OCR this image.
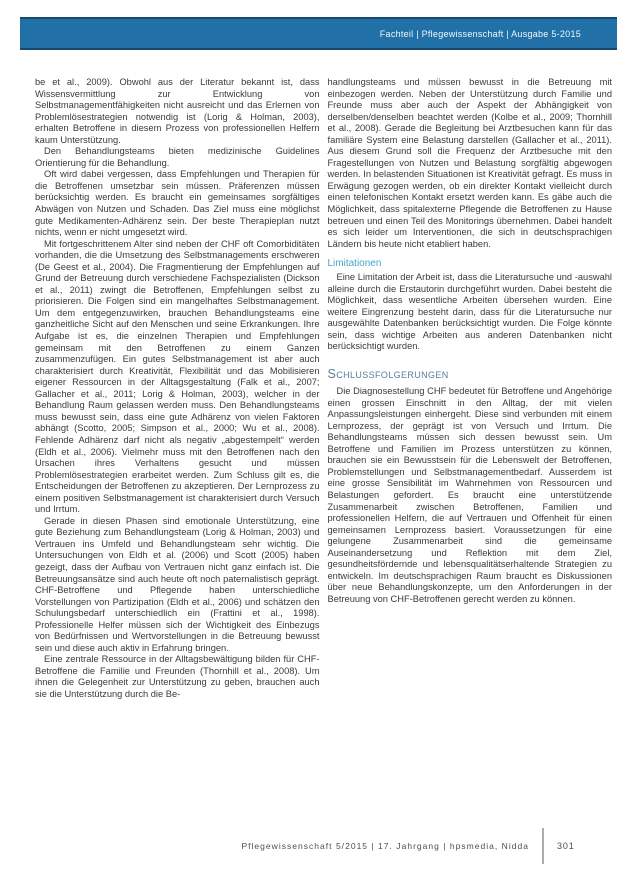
Fachteil | Pflegewissenschaft | Ausgabe 5-2015

be et al., 2009). Obwohl aus der Literatur bekannt ist, dass Wissensvermittlung zur Entwicklung von Selbstmanagementfähigkeiten nicht ausreicht und das Erlernen von Problemlösestrategien notwendig ist (Lorig & Holman, 2003), erhalten Betroffene in diesem Prozess von professionellen Helfern kaum Unterstützung.

Den Behandlungsteams bieten medizinische Guidelines Orientierung für die Behandlung.

Oft wird dabei vergessen, dass Empfehlungen und Therapien für die Betroffenen umsetzbar sein müssen. Präferenzen müssen berücksichtig werden. Es braucht ein gemeinsames sorgfältiges Abwägen von Nutzen und Schaden. Das Ziel muss eine möglichst gute Medikamenten-Adhärenz sein. Der beste Therapieplan nutzt nichts, wenn er nicht umgesetzt wird.

Mit fortgeschrittenem Alter sind neben der CHF oft Comorbiditäten vorhanden, die die Umsetzung des Selbstmanagements erschweren (De Geest et al., 2004). Die Fragmentierung der Empfehlungen auf Grund der Betreuung durch verschiedene Fachspezialisten (Dickson et al., 2011) zwingt die Betroffenen, Empfehlungen selbst zu priorisieren. Die Folgen sind ein mangelhaftes Selbstmanagement. Um dem entgegenzuwirken, brauchen Behandlungsteams eine ganzheitliche Sicht auf den Menschen und seine Erkrankungen. Ihre Aufgabe ist es, die einzelnen Therapien und Empfehlungen gemeinsam mit den Betroffenen zu einem Ganzen zusammenzufügen. Ein gutes Selbstmanagement ist aber auch charakterisiert durch Kreativität, Flexibilität und das Mobilisieren eigener Ressourcen in der Alltagsgestaltung (Falk et al., 2007; Gallacher et al., 2011; Lorig & Holman, 2003), welcher in der Behandlung Raum gelassen werden muss. Den Behandlungsteams muss bewusst sein, dass eine gute Adhärenz von vielen Faktoren abhängt (Scotto, 2005; Simpson et al., 2000; Wu et al., 2008). Fehlende Adhärenz darf nicht als negativ „abgestempelt“ werden (Eldh et al., 2006). Vielmehr muss mit den Betroffenen nach den Ursachen ihres Verhaltens gesucht und müssen Problemlösestrategien erarbeitet werden. Zum Schluss gilt es, die Entscheidungen der Betroffenen zu akzeptieren. Der Lernprozess zu einem positiven Selbstmanagement ist charakterisiert durch Versuch und Irrtum.

Gerade in diesen Phasen sind emotionale Unterstützung, eine gute Beziehung zum Behandlungsteam (Lorig & Holman, 2003) und Vertrauen ins Umfeld und Behandlungsteam sehr wichtig. Die Untersuchungen von Eldh et al. (2006) und Scott (2005) haben gezeigt, dass der Aufbau von Vertrauen nicht ganz einfach ist. Die Betreuungsansätze sind auch heute oft noch paternalistisch geprägt. CHF-Betroffene und Pflegende haben unterschiedliche Vorstellungen von Partizipation (Eldh et al., 2006) und schätzen den Schulungsbedarf unterschiedlich ein (Frattini et al., 1998). Professionelle Helfer müssen sich der Wichtigkeit des Einbezugs von Bedürfnissen und Wertvorstellungen in die Betreuung bewusst sein und diese auch aktiv in Erfahrung bringen.

Eine zentrale Ressource in der Alltagsbewältigung bilden für CHF-Betroffene die Familie und Freunden (Thornhill et al., 2008). Um ihnen die Gelegenheit zur Unterstützung zu geben, brauchen auch sie die Unterstützung durch die Be-

handlungsteams und müssen bewusst in die Betreuung mit einbezogen werden. Neben der Unterstützung durch Familie und Freunde muss aber auch der Aspekt der Abhängigkeit von derselben/denselben beachtet werden (Kolbe et al., 2009; Thornhill et al., 2008). Gerade die Begleitung bei Arztbesuchen kann für das familiäre System eine Belastung darstellen (Gallacher et al., 2011). Aus diesem Grund soll die Frequenz der Arztbesuche mit den Fragestellungen von Nutzen und Belastung sorgfältig abgewogen werden. In belastenden Situationen ist Kreativität gefragt. Es muss in Erwägung gezogen werden, ob ein direkter Kontakt vielleicht durch einen telefonischen Kontakt ersetzt werden kann. Es gäbe auch die Möglichkeit, dass spitalexterne Pflegende die Betroffenen zu Hause betreuen und einen Teil des Monitorings übernehmen. Dabei handelt es sich leider um Interventionen, die sich in deutschsprachigen Ländern bis heute nicht etabliert haben.

Limitationen

Eine Limitation der Arbeit ist, dass die Literatursuche und -auswahl alleine durch die Erstautorin durchgeführt wurden. Dabei besteht die Möglichkeit, dass wesentliche Arbeiten übersehen wurden. Eine weitere Eingrenzung besteht darin, dass für die Literatursuche nur ausgewählte Datenbanken berücksichtigt wurden. Die Folge könnte sein, dass wichtige Arbeiten aus anderen Datenbanken nicht berücksichtigt wurden.

Schlussfolgerungen

Die Diagnosestellung CHF bedeutet für Betroffene und Angehörige einen grossen Einschnitt in den Alltag, der mit vielen Anpassungsleistungen einhergeht. Diese sind verbunden mit einem Lernprozess, der geprägt ist von Versuch und Irrtum. Die Behandlungsteams müssen sich dessen bewusst sein. Um Betroffene und Familien im Prozess unterstützen zu können, brauchen sie ein Bewusstsein für die Lebenswelt der Betroffenen, Problemstellungen und Selbstmanagementbedarf. Ausserdem ist eine grosse Sensibilität im Wahrnehmen von Ressourcen und Belastungen gefordert. Es braucht eine unterstützende Zusammenarbeit zwischen Betroffenen, Familien und professionellen Helfern, die auf Vertrauen und Offenheit für einen gemeinsamen Lernprozess basiert. Voraussetzungen für eine gelungene Zusammenarbeit sind die gemeinsame Auseinandersetzung und Reflektion mit dem Ziel, gesundheitsfördernde und lebensqualitätserhaltende Strategien zu entwickeln. Im deutschsprachigen Raum braucht es Diskussionen über neue Behandlungskonzepte, um den Anforderungen in der Betreuung von CHF-Betroffenen gerecht werden zu können.

Pflegewissenschaft 5/2015 | 17. Jahrgang | hpsmedia, Nidda	301
